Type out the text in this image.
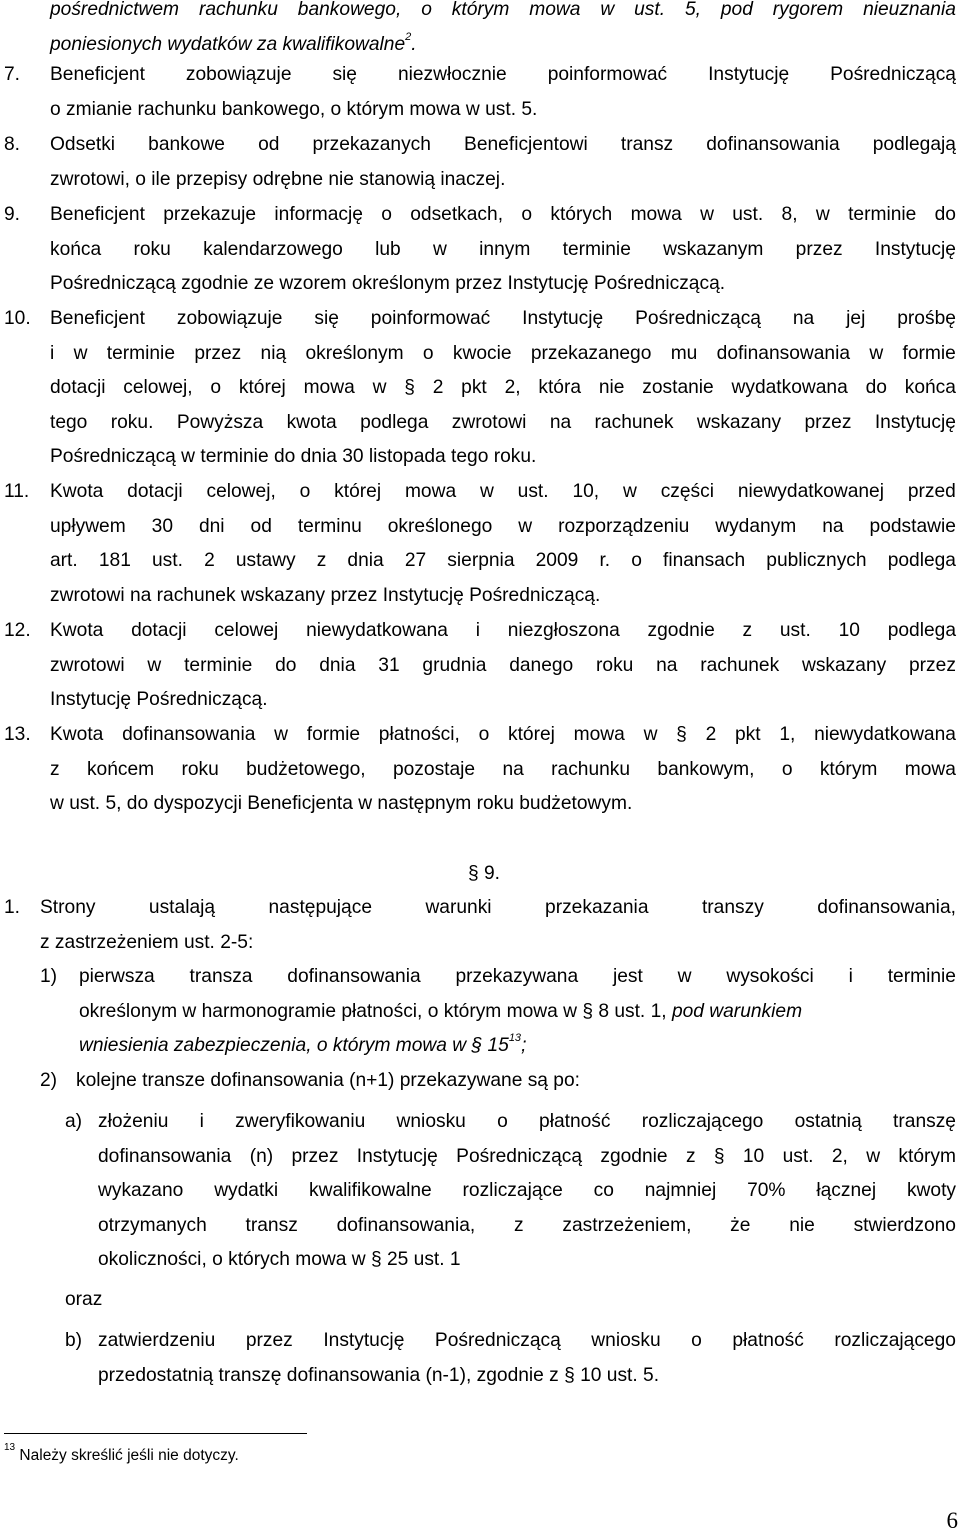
pośrednictwem rachunku bankowego, o którym mowa w ust. 5, pod rygorem nieuznania
poniesionych wydatków za kwalifikowalne$^2$.
7. Beneficjent zobowiązuje się niezwłocznie poinformować Instytucję Pośredniczącą
o zmianie rachunku bankowego, o którym mowa w ust. 5.
8. Odsetki bankowe od przekazanych Beneficjentowi transz dofinansowania podlegają
zwrotowi, o ile przepisy odrębne nie stanowią inaczej.
9. Beneficjent przekazuje informację o odsetkach, o których mowa w ust. 8, w terminie do
końca roku kalendarzowego lub w innym terminie wskazanym przez Instytucję
Pośredniczącą zgodnie ze wzorem określonym przez Instytucję Pośredniczącą.
10. Beneficjent zobowiązuje się poinformować Instytucję Pośredniczącą na jej prośbę
i w terminie przez nią określonym o kwocie przekazanego mu dofinansowania w formie
dotacji celowej, o której mowa w § 2 pkt 2, która nie zostanie wydatkowana do końca
tego roku. Powyższa kwota podlega zwrotowi na rachunek wskazany przez Instytucję
Pośredniczącą w terminie do dnia 30 listopada tego roku.
11. Kwota dotacji celowej, o której mowa w ust. 10, w części niewydatkowanej przed
upływem 30 dni od terminu określonego w rozporządzeniu wydanym na podstawie
art. 181 ust. 2 ustawy z dnia 27 sierpnia 2009 r. o finansach publicznych podlega
zwrotowi na rachunek wskazany przez Instytucję Pośredniczącą.
12. Kwota dotacji celowej niewydatkowana i niezgłoszona zgodnie z ust. 10 podlega
zwrotowi w terminie do dnia 31 grudnia danego roku na rachunek wskazany przez
Instytucję Pośredniczącą.
13. Kwota dofinansowania w formie płatności, o której mowa w § 2 pkt 1, niewydatkowana
z końcem roku budżetowego, pozostaje na rachunku bankowym, o którym mowa
w ust. 5, do dyspozycji Beneficjenta w następnym roku budżetowym.
§ 9.
1. Strony	ustalają	następujące	warunki	przekazania	transzy	dofinansowania,
z zastrzeżeniem ust. 2-5:
1) pierwsza transza dofinansowania przekazywana jest w wysokości i terminie
określonym w harmonogramie płatności, o którym mowa w § 8 ust. 1, pod warunkiem
wniesienia zabezpieczenia, o którym mowa w § $15^{13}$;
2) kolejne transze dofinansowania (n+1) przekazywane są po:
a) złożeniu i zweryfikowaniu wniosku o płatność rozliczającego ostatnią transzę
dofinansowania (n) przez Instytucję Pośredniczącą zgodnie z § 10 ust. 2, w którym
wykazano wydatki kwalifikowalne rozliczające co najmniej 70% łącznej kwoty
otrzymanych transz dofinansowania, z zastrzeżeniem, że nie stwierdzono
okoliczności, o których mowa w § 25 ust. 1
oraz
b) zatwierdzeniu przez Instytucję Pośredniczącą wniosku o płatność rozliczającego
przedostatnią transzę dofinansowania (n-1), zgodnie z § 10 ust. 5.
$^{13}$ Należy skreślić jeśli nie dotyczy.
6
